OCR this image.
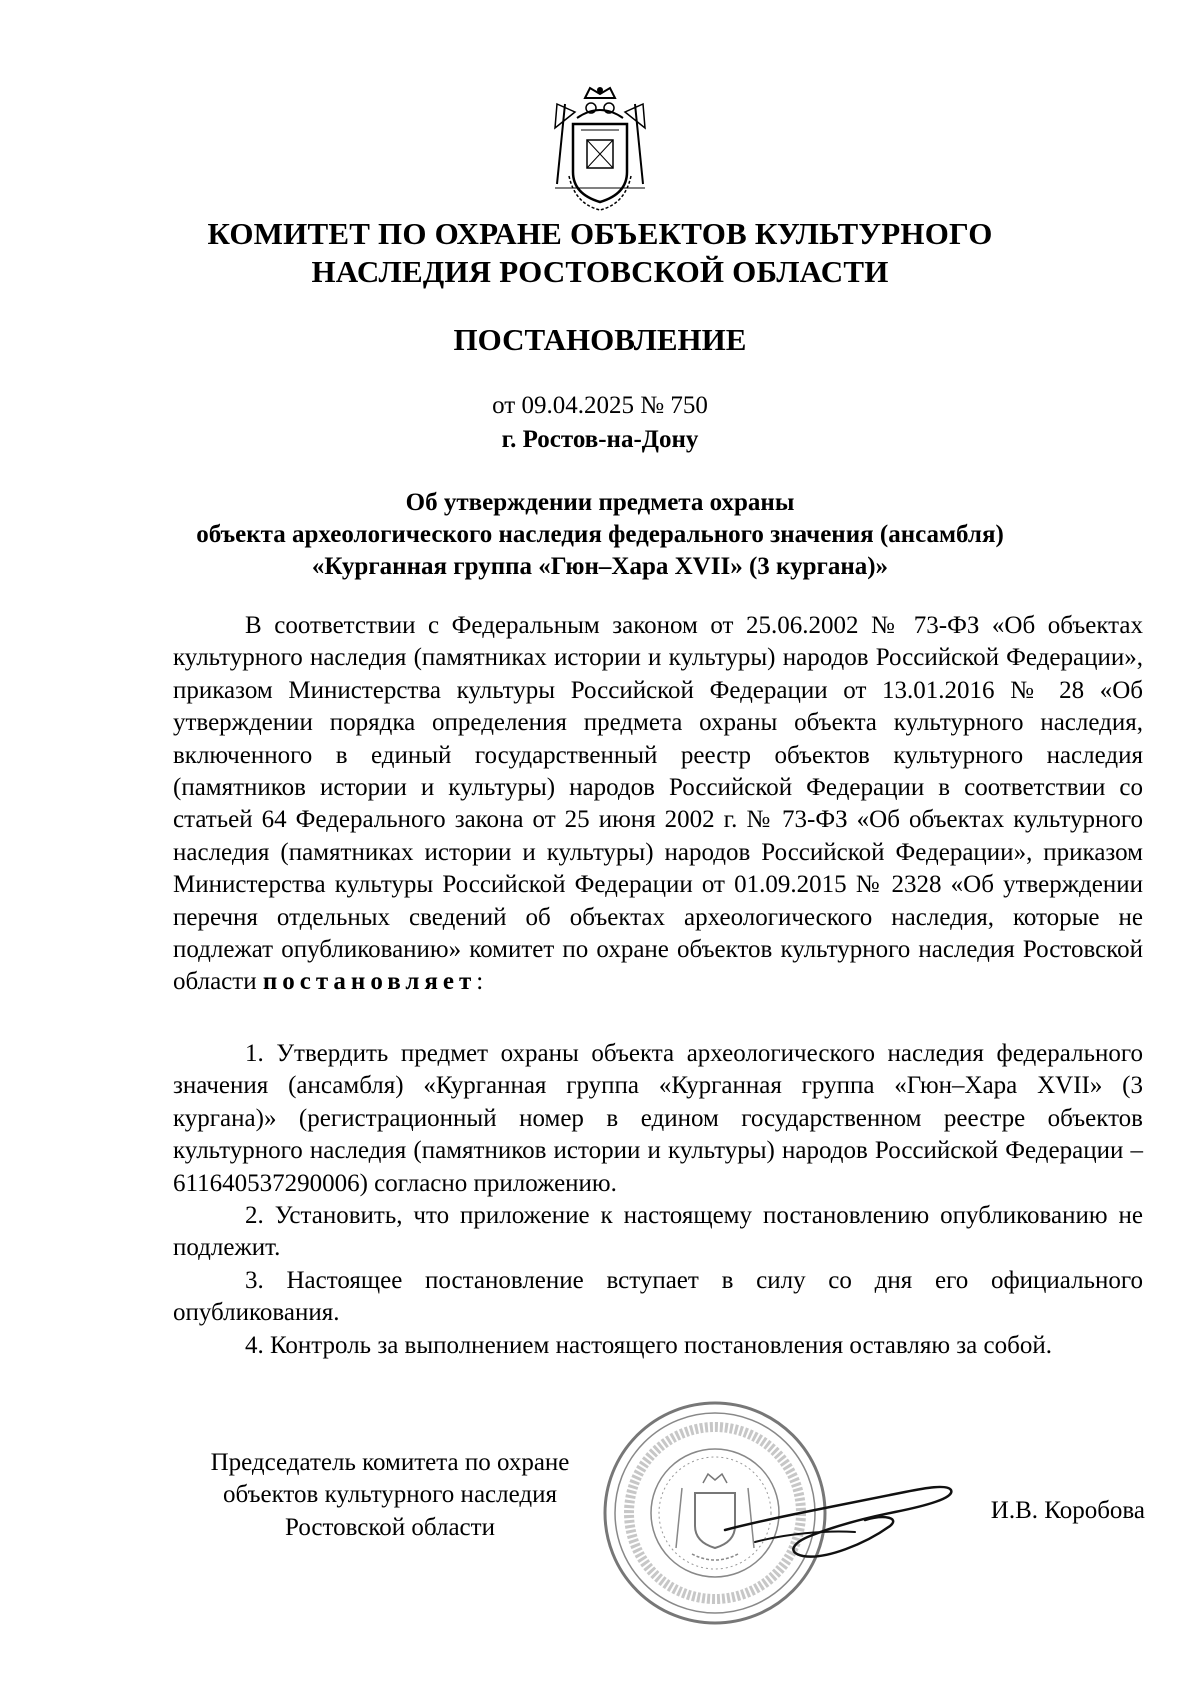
КОМИТЕТ ПО ОХРАНЕ ОБЪЕКТОВ КУЛЬТУРНОГО
НАСЛЕДИЯ РОСТОВСКОЙ ОБЛАСТИ
ПОСТАНОВЛЕНИЕ
от 09.04.2025 № 750
г. Ростов-на-Дону
Об утверждении предмета охраны
объекта археологического наследия федерального значения (ансамбля)
«Курганная группа «Гюн–Хара XVII» (3 кургана)»

В соответствии с Федеральным законом от 25.06.2002 № 73-ФЗ «Об объектах культурного наследия (памятниках истории и культуры) народов Российской Федерации», приказом Министерства культуры Российской Федерации от 13.01.2016 № 28 «Об утверждении порядка определения предмета охраны объекта культурного наследия, включенного в единый государственный реестр объектов культурного наследия (памятников истории и культуры) народов Российской Федерации в соответствии со статьей 64 Федерального закона от 25 июня 2002 г. № 73-ФЗ «Об объектах культурного наследия (памятниках истории и культуры) народов Российской Федерации», приказом Министерства культуры Российской Федерации от 01.09.2015 № 2328 «Об утверждении перечня отдельных сведений об объектах археологического наследия, которые не подлежат опубликованию» комитет по охране объектов культурного наследия Ростовской области постановляет:

1. Утвердить предмет охраны объекта археологического наследия федерального значения (ансамбля) «Курганная группа «Курганная группа «Гюн–Хара XVII» (3 кургана)» (регистрационный номер в едином государственном реестре объектов культурного наследия (памятников истории и культуры) народов Российской Федерации – 611640537290006) согласно приложению.

2. Установить, что приложение к настоящему постановлению опубликованию не подлежит.

3. Настоящее постановление вступает в силу со дня его официального опубликования.

4. Контроль за выполнением настоящего постановления оставляю за собой.

Председатель комитета по охране
объектов культурного наследия
Ростовской области
И.В. Коробова
